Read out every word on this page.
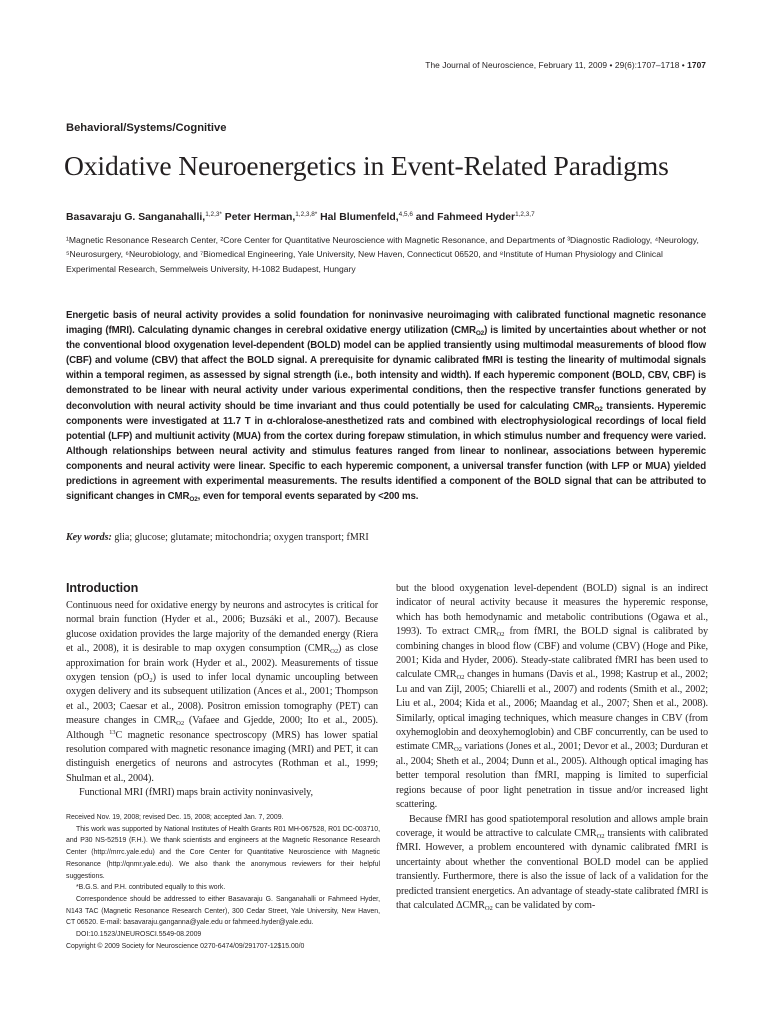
The Journal of Neuroscience, February 11, 2009 • 29(6):1707–1718 • 1707
Behavioral/Systems/Cognitive
Oxidative Neuroenergetics in Event-Related Paradigms
Basavaraju G. Sanganahalli,$^{1,2,3*}$ Peter Herman,$^{1,2,3,8*}$ Hal Blumenfeld,$^{4,5,6}$ and Fahmeed Hyder$^{1,2,3,7}$
¹Magnetic Resonance Research Center, ²Core Center for Quantitative Neuroscience with Magnetic Resonance, and Departments of ³Diagnostic Radiology, ⁴Neurology, ⁵Neurosurgery, ⁶Neurobiology, and ⁷Biomedical Engineering, Yale University, New Haven, Connecticut 06520, and ⁸Institute of Human Physiology and Clinical Experimental Research, Semmelweis University, H-1082 Budapest, Hungary
Energetic basis of neural activity provides a solid foundation for noninvasive neuroimaging with calibrated functional magnetic resonance imaging (fMRI). Calculating dynamic changes in cerebral oxidative energy utilization $(CMR_{O2})$ is limited by uncertainties about whether or not the conventional blood oxygenation level-dependent (BOLD) model can be applied transiently using multimodal measurements of blood flow (CBF) and volume (CBV) that affect the BOLD signal. A prerequisite for dynamic calibrated fMRI is testing the linearity of multimodal signals within a temporal regimen, as assessed by signal strength (i.e., both intensity and width). If each hyperemic component (BOLD, CBV, CBF) is demonstrated to be linear with neural activity under various experimental conditions, then the respective transfer functions generated by deconvolution with neural activity should be time invariant and thus could potentially be used for calculating $CMR_{O2}$ transients. Hyperemic components were investigated at 11.7 T in α-chloralose-anesthetized rats and combined with electrophysiological recordings of local field potential (LFP) and multiunit activity (MUA) from the cortex during forepaw stimulation, in which stimulus number and frequency were varied. Although relationships between neural activity and stimulus features ranged from linear to nonlinear, associations between hyperemic components and neural activity were linear. Specific to each hyperemic component, a universal transfer function (with LFP or MUA) yielded predictions in agreement with experimental measurements. The results identified a component of the BOLD signal that can be attributed to significant changes in $CMR_{O2}$, even for temporal events separated by <200 ms.
Key words: glia; glucose; glutamate; mitochondria; oxygen transport; fMRI
Introduction

Continuous need for oxidative energy by neurons and astrocytes is critical for normal brain function (Hyder et al., 2006; Buzsáki et al., 2007). Because glucose oxidation provides the large majority of the demanded energy (Riera et al., 2008), it is desirable to map oxygen consumption $(CMR_{O2})$ as close approximation for brain work (Hyder et al., 2002). Measurements of tissue oxygen tension $(pO_2)$ is used to infer local dynamic uncoupling between oxygen delivery and its subsequent utilization (Ances et al., 2001; Thompson et al., 2003; Caesar et al., 2008). Positron emission tomography (PET) can measure changes in $CMR_{O2}$ (Vafaee and Gjedde, 2000; Ito et al., 2005). Although $^{13}$C magnetic resonance spectroscopy (MRS) has lower spatial resolution compared with magnetic resonance imaging (MRI) and PET, it can distinguish energetics of neurons and astrocytes (Rothman et al., 1999; Shulman et al., 2004).

Functional MRI (fMRI) maps brain activity noninvasively,

Received Nov. 19, 2008; revised Dec. 15, 2008; accepted Jan. 7, 2009.

This work was supported by National Institutes of Health Grants R01 MH-067528, R01 DC-003710, and P30 NS-52519 (F.H.). We thank scientists and engineers at the Magnetic Resonance Research Center (http://mrrc.yale.edu) and the Core Center for Quantitative Neuroscience with Magnetic Resonance (http://qnmr.yale.edu). We also thank the anonymous reviewers for their helpful suggestions.

*B.G.S. and P.H. contributed equally to this work.

Correspondence should be addressed to either Basavaraju G. Sanganahalli or Fahmeed Hyder, N143 TAC (Magnetic Resonance Research Center), 300 Cedar Street, Yale University, New Haven, CT 06520. E-mail: basavaraju.ganganna@yale.edu or fahmeed.hyder@yale.edu.

DOI:10.1523/JNEUROSCI.5549-08.2009

Copyright © 2009 Society for Neuroscience 0270-6474/09/291707-12$15.00/0

but the blood oxygenation level-dependent (BOLD) signal is an indirect indicator of neural activity because it measures the hyperemic response, which has both hemodynamic and metabolic contributions (Ogawa et al., 1993). To extract $CMR_{O2}$ from fMRI, the BOLD signal is calibrated by combining changes in blood flow (CBF) and volume (CBV) (Hoge and Pike, 2001; Kida and Hyder, 2006). Steady-state calibrated fMRI has been used to calculate $CMR_{O2}$ changes in humans (Davis et al., 1998; Kastrup et al., 2002; Lu and van Zijl, 2005; Chiarelli et al., 2007) and rodents (Smith et al., 2002; Liu et al., 2004; Kida et al., 2006; Maandag et al., 2007; Shen et al., 2008). Similarly, optical imaging techniques, which measure changes in CBV (from oxyhemoglobin and deoxyhemoglobin) and CBF concurrently, can be used to estimate $CMR_{O2}$ variations (Jones et al., 2001; Devor et al., 2003; Durduran et al., 2004; Sheth et al., 2004; Dunn et al., 2005). Although optical imaging has better temporal resolution than fMRI, mapping is limited to superficial regions because of poor light penetration in tissue and/or increased light scattering.

Because fMRI has good spatiotemporal resolution and allows ample brain coverage, it would be attractive to calculate $CMR_{O2}$ transients with calibrated fMRI. However, a problem encountered with dynamic calibrated fMRI is uncertainty about whether the conventional BOLD model can be applied transiently. Furthermore, there is also the issue of lack of a validation for the predicted transient energetics. An advantage of steady-state calibrated fMRI is that calculated $\Delta CMR_{O2}$ can be validated by com-
